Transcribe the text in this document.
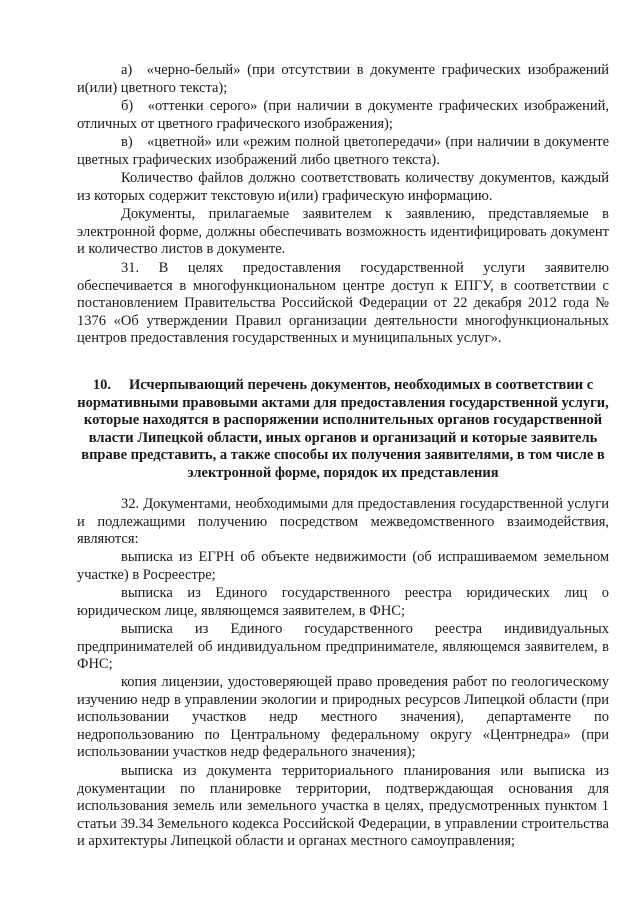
а) «черно-белый» (при отсутствии в документе графических изображений и(или) цветного текста);

б) «оттенки серого» (при наличии в документе графических изображений, отличных от цветного графического изображения);

в) «цветной» или «режим полной цветопередачи» (при наличии в документе цветных графических изображений либо цветного текста).

Количество файлов должно соответствовать количеству документов, каждый из которых содержит текстовую и(или) графическую информацию.

Документы, прилагаемые заявителем к заявлению, представляемые в электронной форме, должны обеспечивать возможность идентифицировать документ и количество листов в документе.

31. В целях предоставления государственной услуги заявителю обеспечивается в многофункциональном центре доступ к ЕПГУ, в соответствии с постановлением Правительства Российской Федерации от 22 декабря 2012 года № 1376 «Об утверждении Правил организации деятельности многофункциональных центров предоставления государственных и муниципальных услуг».

10. Исчерпывающий перечень документов, необходимых в соответствии с нормативными правовыми актами для предоставления государственной услуги, которые находятся в распоряжении исполнительных органов государственной власти Липецкой области, иных органов и организаций и которые заявитель вправе представить, а также способы их получения заявителями, в том числе в электронной форме, порядок их представления

32. Документами, необходимыми для предоставления государственной услуги и подлежащими получению посредством межведомственного взаимодействия, являются:

выписка из ЕГРН об объекте недвижимости (об испрашиваемом земельном участке) в Росреестре;

выписка из Единого государственного реестра юридических лиц о юридическом лице, являющемся заявителем, в ФНС;

выписка из Единого государственного реестра индивидуальных предпринимателей об индивидуальном предпринимателе, являющемся заявителем, в ФНС;

копия лицензии, удостоверяющей право проведения работ по геологическому изучению недр в управлении экологии и природных ресурсов Липецкой области (при использовании участков недр местного значения), департаменте по недропользованию по Центральному федеральному округу «Центрнедра» (при использовании участков недр федерального значения);

выписка из документа территориального планирования или выписка из документации по планировке территории, подтверждающая основания для использования земель или земельного участка в целях, предусмотренных пунктом 1 статьи 39.34 Земельного кодекса Российской Федерации, в управлении строительства и архитектуры Липецкой области и органах местного самоуправления;
